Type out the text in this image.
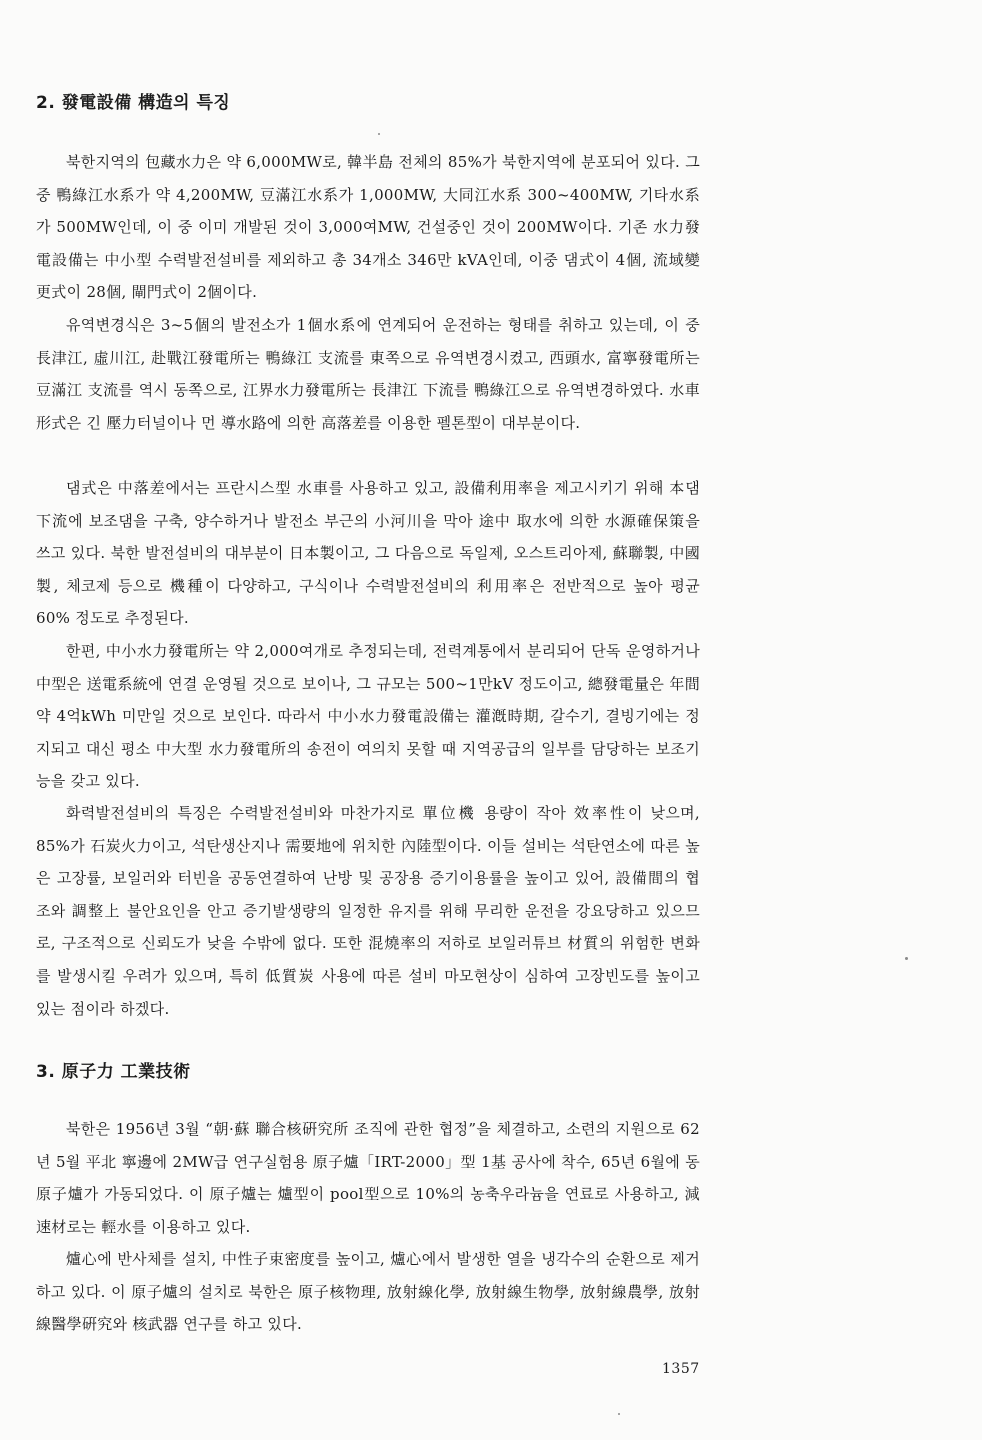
2. 發電設備 構造의 특징

북한지역의 包藏水力은 약 6,000MW로, 韓半島 전체의 85%가 북한지역에 분포되어 있다. 그 중 鴨綠江水系가 약 4,200MW, 豆滿江水系가 1,000MW, 大同江水系 300~400MW, 기타水系가 500MW인데, 이 중 이미 개발된 것이 3,000여MW, 건설중인 것이 200MW이다. 기존 水力發電設備는 中小型 수력발전설비를 제외하고 총 34개소 346만 kVA인데, 이중 댐式이 4個, 流域變更式이 28個, 閘門式이 2個이다.

유역변경식은 3~5個의 발전소가 1個水系에 연계되어 운전하는 형태를 취하고 있는데, 이 중 長津江, 虛川江, 赴戰江發電所는 鴨綠江 支流를 東쪽으로 유역변경시켰고, 西頭水, 富寧發電所는 豆滿江 支流를 역시 동쪽으로, 江界水力發電所는 長津江 下流를 鴨綠江으로 유역변경하였다. 水車形式은 긴 壓力터널이나 먼 導水路에 의한 高落差를 이용한 펠톤型이 대부분이다.

댐式은 中落差에서는 프란시스型 水車를 사용하고 있고, 設備利用率을 제고시키기 위해 本댐 下流에 보조댐을 구축, 양수하거나 발전소 부근의 小河川을 막아 途中 取水에 의한 水源確保策을 쓰고 있다. 북한 발전설비의 대부분이 日本製이고, 그 다음으로 독일제, 오스트리아제, 蘇聯製, 中國製, 체코제 등으로 機種이 다양하고, 구식이나 수력발전설비의 利用率은 전반적으로 높아 평균 60% 정도로 추정된다.

한편, 中小水力發電所는 약 2,000여개로 추정되는데, 전력계통에서 분리되어 단독 운영하거나 中型은 送電系統에 연결 운영될 것으로 보이나, 그 규모는 500~1만kV 정도이고, 總發電量은 年間 약 4억kWh 미만일 것으로 보인다. 따라서 中小水力發電設備는 灌漑時期, 갈수기, 결빙기에는 정지되고 대신 평소 中大型 水力發電所의 송전이 여의치 못할 때 지역공급의 일부를 담당하는 보조기능을 갖고 있다.

화력발전설비의 특징은 수력발전설비와 마찬가지로 單位機 용량이 작아 效率性이 낮으며, 85%가 石炭火力이고, 석탄생산지나 需要地에 위치한 內陸型이다. 이들 설비는 석탄연소에 따른 높은 고장률, 보일러와 터빈을 공동연결하여 난방 및 공장용 증기이용률을 높이고 있어, 設備間의 협조와 調整上 불안요인을 안고 증기발생량의 일정한 유지를 위해 무리한 운전을 강요당하고 있으므로, 구조적으로 신뢰도가 낮을 수밖에 없다. 또한 混燒率의 저하로 보일러튜브 材質의 위험한 변화를 발생시킬 우려가 있으며, 특히 低質炭 사용에 따른 설비 마모현상이 심하여 고장빈도를 높이고 있는 점이라 하겠다.

3. 原子力 工業技術

북한은 1956년 3월 “朝·蘇 聯合核硏究所 조직에 관한 협정”을 체결하고, 소련의 지원으로 62년 5월 平北 寧邊에 2MW급 연구실험용 原子爐「IRT-2000」型 1基 공사에 착수, 65년 6월에 동 原子爐가 가동되었다. 이 原子爐는 爐型이 pool型으로 10%의 농축우라늄을 연료로 사용하고, 減速材로는 輕水를 이용하고 있다.

爐心에 반사체를 설치, 中性子束密度를 높이고, 爐心에서 발생한 열을 냉각수의 순환으로 제거하고 있다. 이 原子爐의 설치로 북한은 原子核物理, 放射線化學, 放射線生物學, 放射線農學, 放射線醫學硏究와 核武器 연구를 하고 있다.

1357
